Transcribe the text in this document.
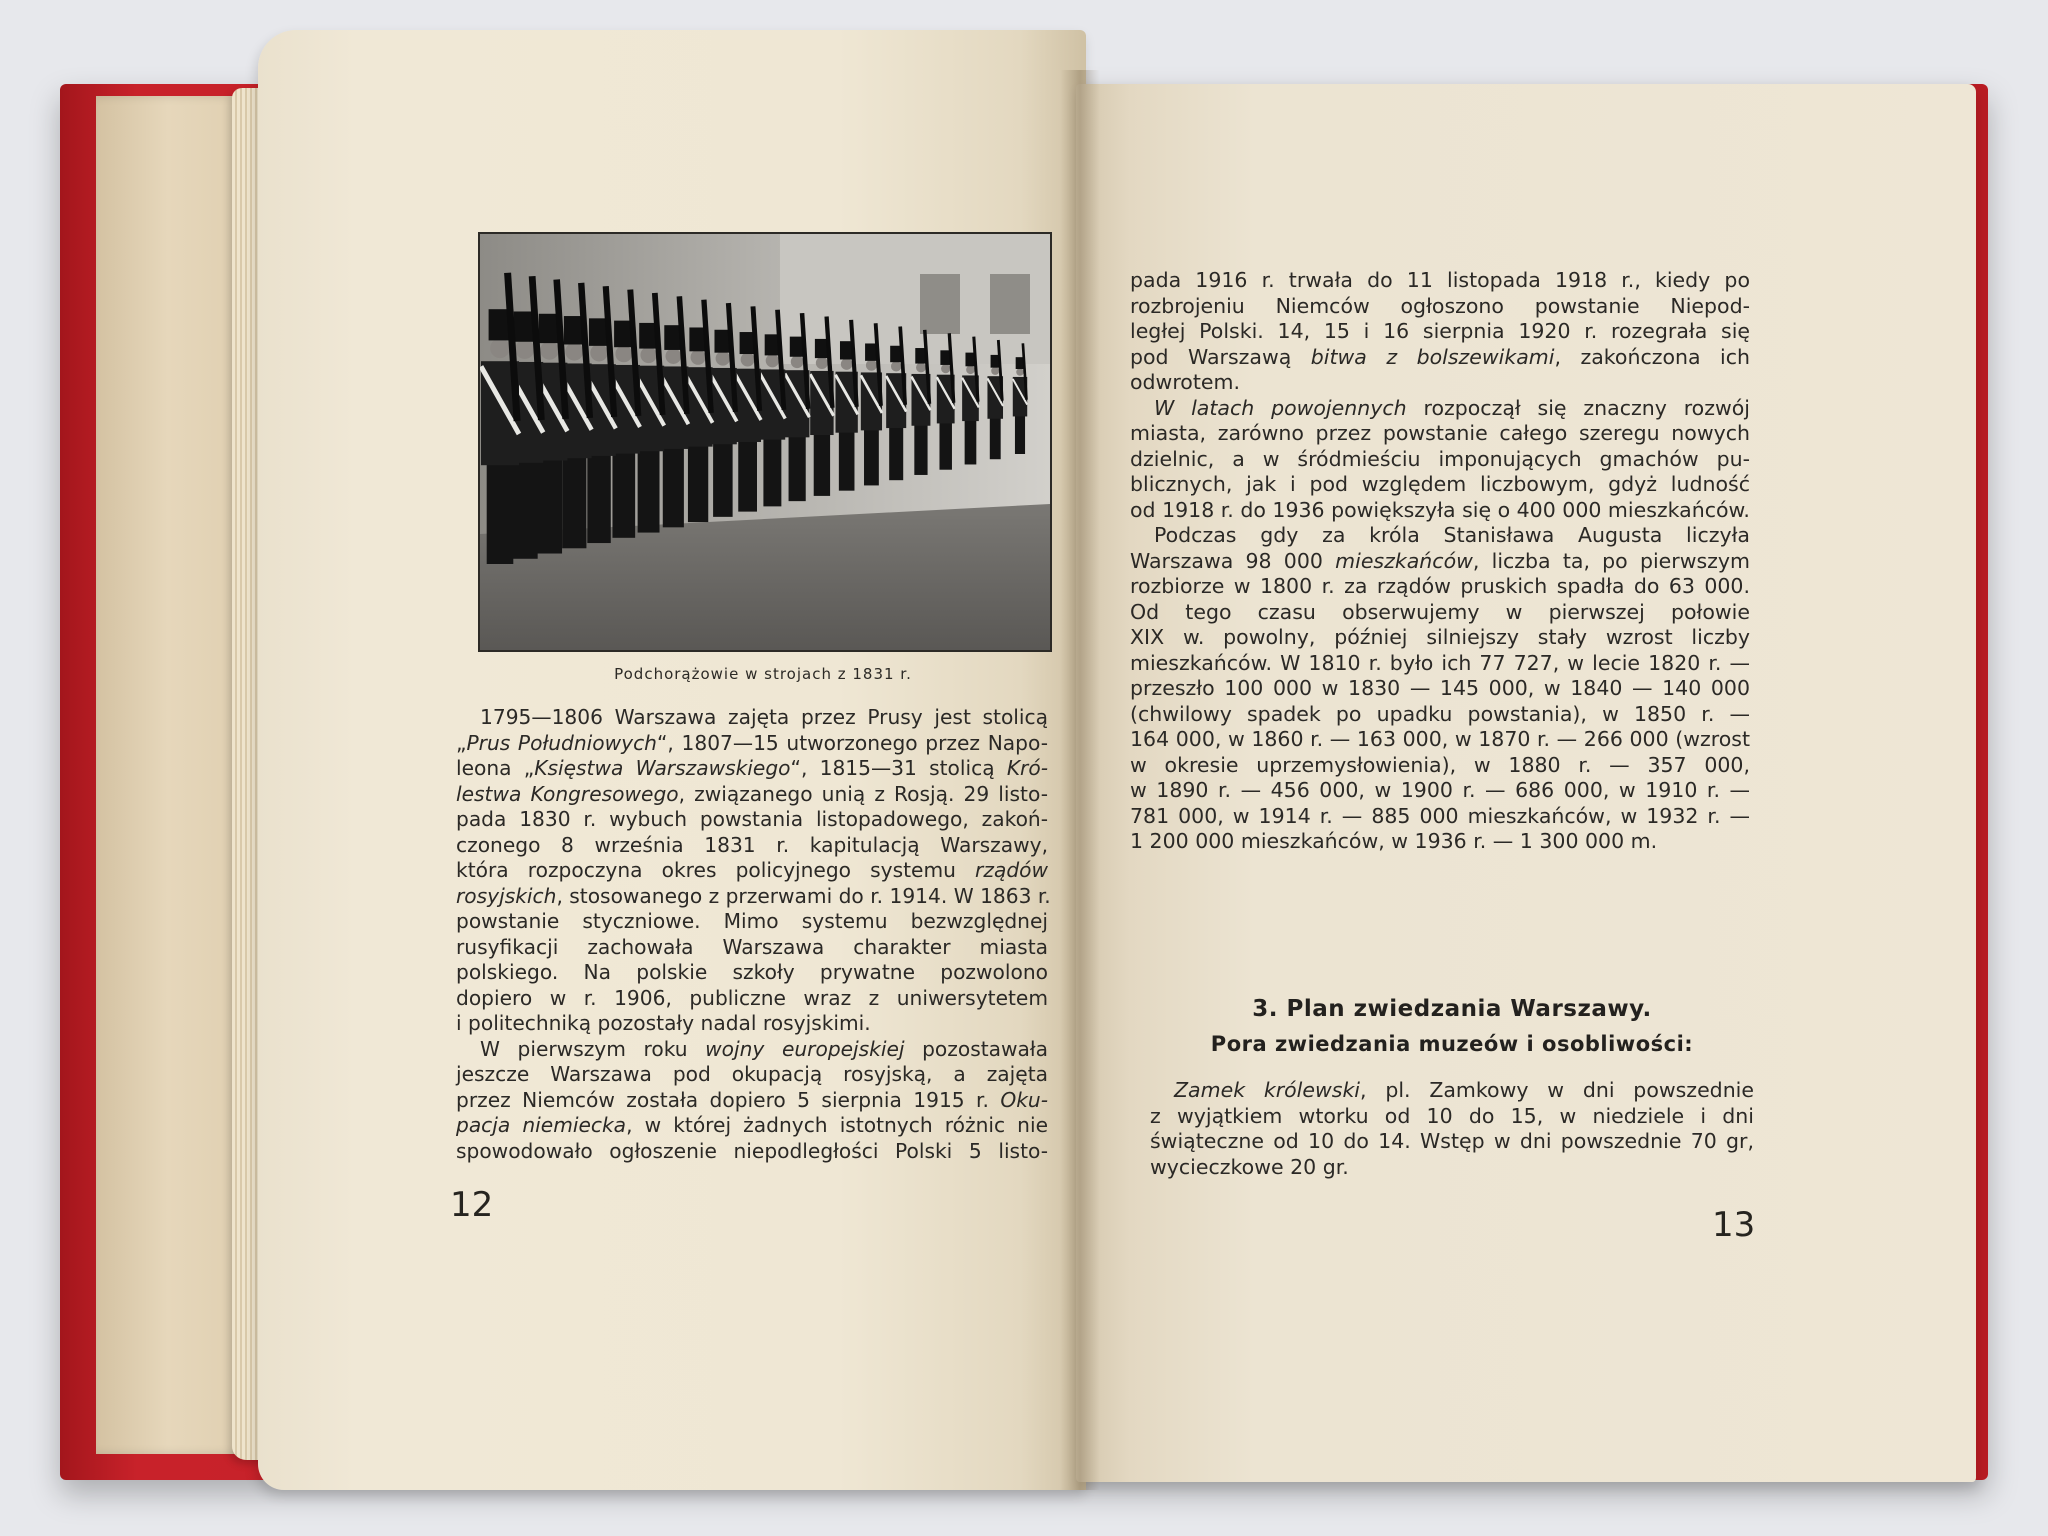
Podchorążowie w strojach z 1831 r.
1795—1806 Warszawa zajęta przez Prusy jest stolicą
„Prus Południowych“, 1807—15 utworzonego przez Napo-
leona „Księstwa Warszawskiego“, 1815—31 stolicą Kró-
lestwa Kongresowego, związanego unią z Rosją. 29 listo-
pada 1830 r. wybuch powstania listopadowego, zakoń-
czonego 8 września 1831 r. kapitulacją Warszawy,
która rozpoczyna okres policyjnego systemu rządów
rosyjskich, stosowanego z przerwami do r. 1914. W 1863 r.
powstanie styczniowe. Mimo systemu bezwzględnej
rusyfikacji zachowała Warszawa charakter miasta
polskiego. Na polskie szkoły prywatne pozwolono
dopiero w r. 1906, publiczne wraz z uniwersytetem
i politechniką pozostały nadal rosyjskimi.
W pierwszym roku wojny europejskiej pozostawała
jeszcze Warszawa pod okupacją rosyjską, a zajęta
przez Niemców została dopiero 5 sierpnia 1915 r. Oku-
pacja niemiecka, w której żadnych istotnych różnic nie
spowodowało ogłoszenie niepodległości Polski 5 listo-
12
pada 1916 r. trwała do 11 listopada 1918 r., kiedy po
rozbrojeniu Niemców ogłoszono powstanie Niepod-
ległej Polski. 14, 15 i 16 sierpnia 1920 r. rozegrała się
pod Warszawą bitwa z bolszewikami, zakończona ich
odwrotem.
W latach powojennych rozpoczął się znaczny rozwój
miasta, zarówno przez powstanie całego szeregu nowych
dzielnic, a w śródmieściu imponujących gmachów pu-
blicznych, jak i pod względem liczbowym, gdyż ludność
od 1918 r. do 1936 powiększyła się o 400 000 mieszkańców.
Podczas gdy za króla Stanisława Augusta liczyła
Warszawa 98 000 mieszkańców, liczba ta, po pierwszym
rozbiorze w 1800 r. za rządów pruskich spadła do 63 000.
Od tego czasu obserwujemy w pierwszej połowie
XIX w. powolny, później silniejszy stały wzrost liczby
mieszkańców. W 1810 r. było ich 77 727, w lecie 1820 r. —
przeszło 100 000 w 1830 — 145 000, w 1840 — 140 000
(chwilowy spadek po upadku powstania), w 1850 r. —
164 000, w 1860 r. — 163 000, w 1870 r. — 266 000 (wzrost
w okresie uprzemysłowienia), w 1880 r. — 357 000,
w 1890 r. — 456 000, w 1900 r. — 686 000, w 1910 r. —
781 000, w 1914 r. — 885 000 mieszkańców, w 1932 r. —
1 200 000 mieszkańców, w 1936 r. — 1 300 000 m.
3. Plan zwiedzania Warszawy.
Pora zwiedzania muzeów i osobliwości:
Zamek królewski, pl. Zamkowy w dni powszednie
z wyjątkiem wtorku od 10 do 15, w niedziele i dni
świąteczne od 10 do 14. Wstęp w dni powszednie 70 gr,
wycieczkowe 20 gr.
13
